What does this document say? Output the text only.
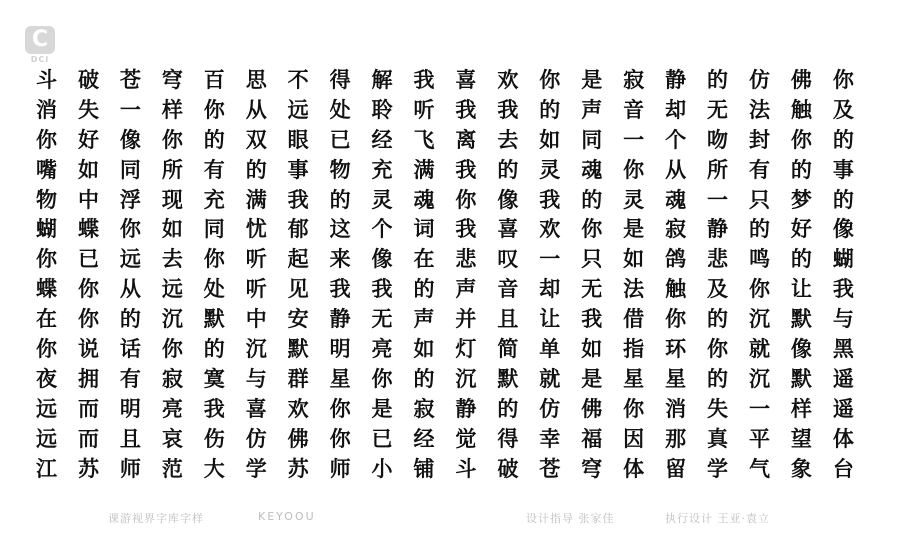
C
DCI
斗 破 苍 穹 百 思 不 得 解 我 喜 欢 你 是 寂 静 的 仿 佛 你
消 失 一 样 你 从 远 处 聆 听 我 我 的 声 音 却 无 法 触 及
你 好 像 你 的 双 眼 已 经 飞 离 去 如 同 一 个 吻 封 你 的
嘴 如 同 所 有 的 事 物 充 满 我 的 灵 魂 你 从 所 有 的 事
物 中 浮 现 充 满 我 的 灵 魂 你 像 我 的 灵 魂 一 只 梦 的
蝴 蝶 你 如 同 忧 郁 这 个 词 我 喜 欢 你 是 寂 静 的 好 像
你 已 远 去 你 听 起 来 像 在 悲 叹 一 只 如 鸽 悲 鸣 的 蝴
蝶 你 从 远 处 听 见 我 我 的 声 音 却 无 法 触 及 你 让 我
在 你 的 沉 默 中 安 静 无 声 并 且 让 我 借 你 的 沉 默 与
你 说 话 你 的 沉 默 明 亮 如 灯 简 单 如 指 环 你 就 像 黑
夜 拥 有 寂 寞 与 群 星 你 的 沉 默 就 是 星 星 的 沉 默 遥
远 而 明 亮 我 喜 欢 你 是 寂 静 的 仿 佛 你 消 失 一 样 遥
远 而 且 哀 伤 仿 佛 你 已 经 觉 得 幸 福 因 那 真 平 望 体
江 苏 师 范 大 学 苏 师 小 铺 斗 破 苍 穹 体 留 学 气 象 台
课游视界字库字样	KEYOOU	设计指导 张家佳	执行设计 王亚·袁立
